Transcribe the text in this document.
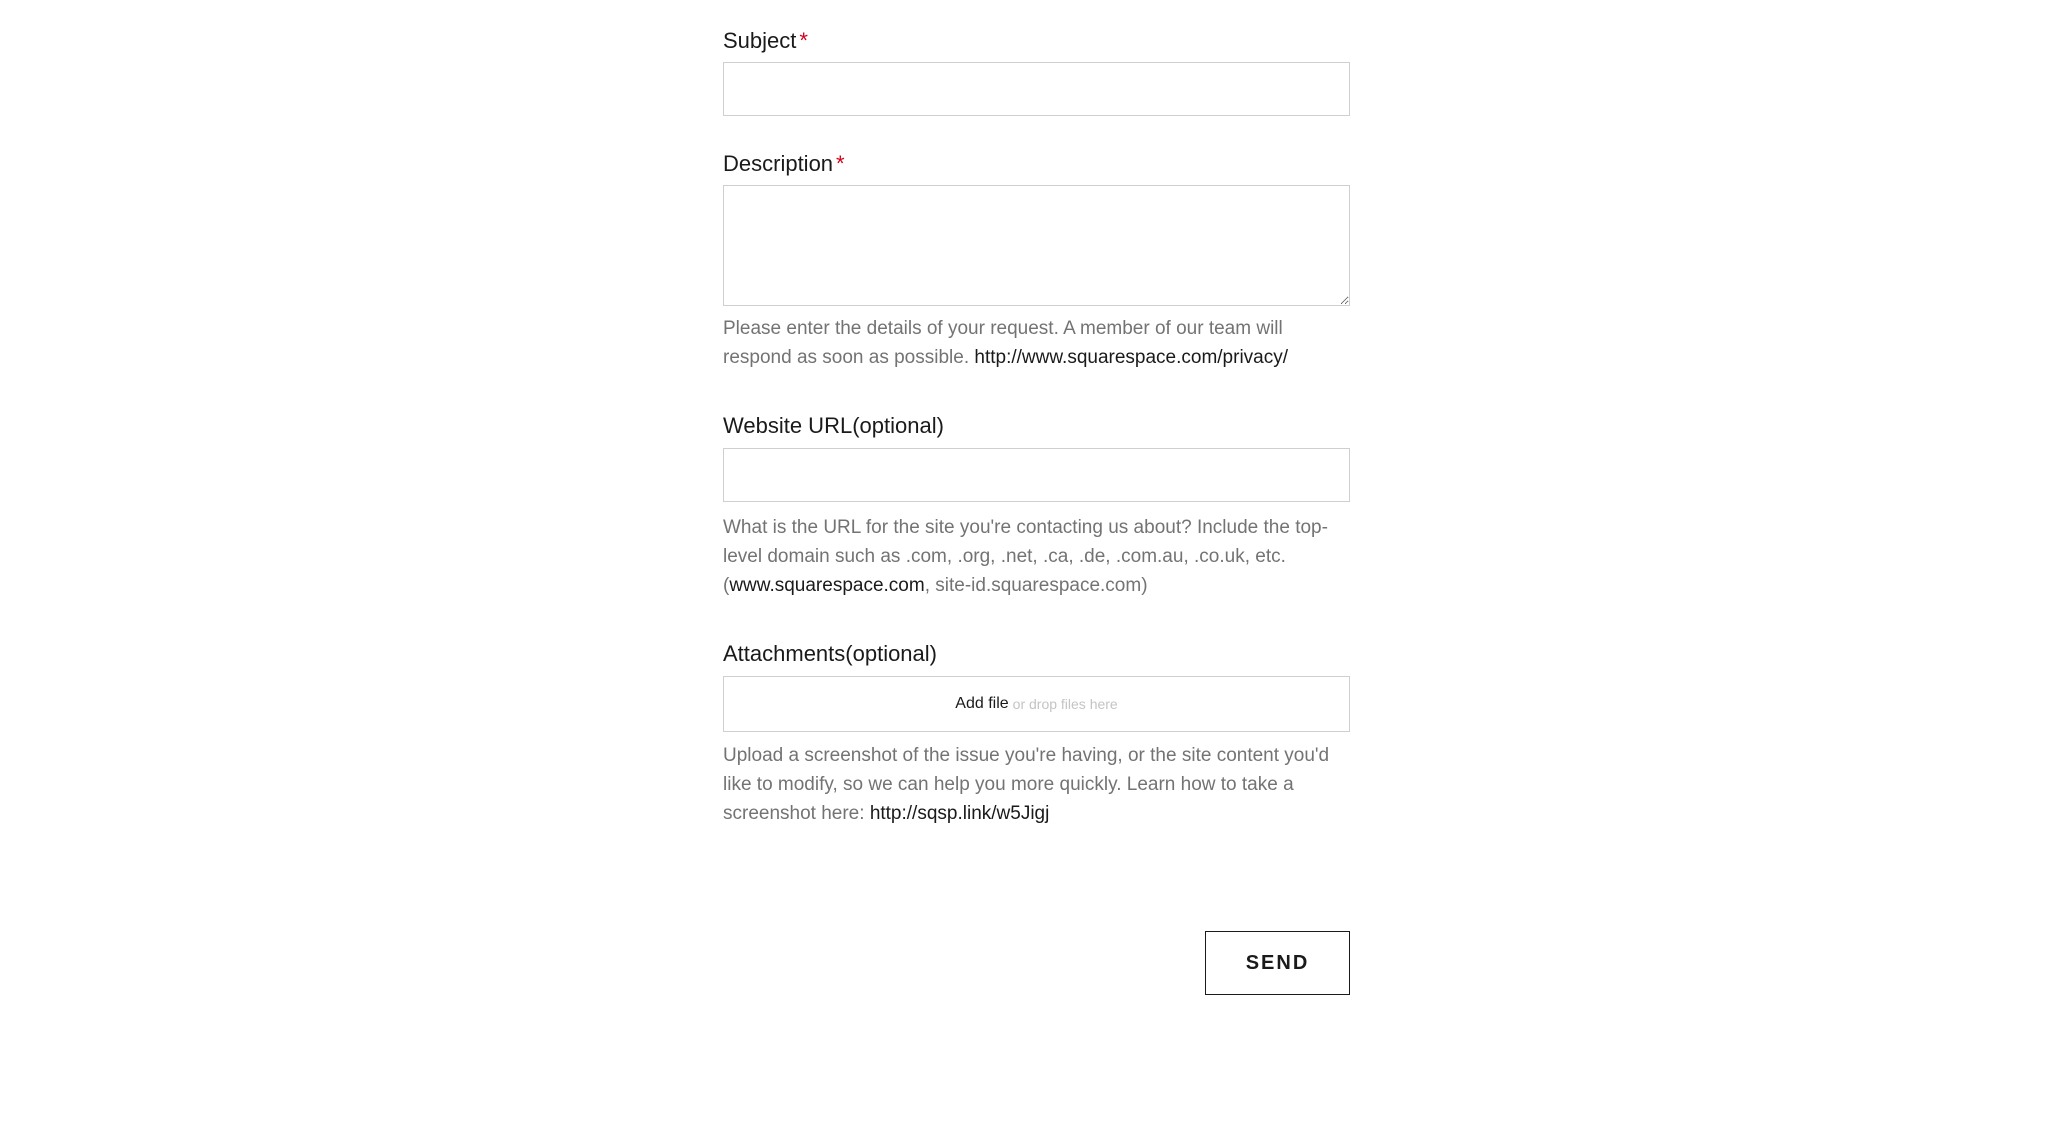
Subject *
Description *
Please enter the details of your request. A member of our team will respond as soon as possible. http://www.squarespace.com/privacy/
Website URL(optional)
What is the URL for the site you're contacting us about? Include the top-level domain such as .com, .org, .net, .ca, .de, .com.au, .co.uk, etc. (www.squarespace.com, site-id.squarespace.com)
Attachments(optional)
Add file or drop files here
Upload a screenshot of the issue you're having, or the site content you'd like to modify, so we can help you more quickly. Learn how to take a screenshot here: http://sqsp.link/w5Jigj
SEND
